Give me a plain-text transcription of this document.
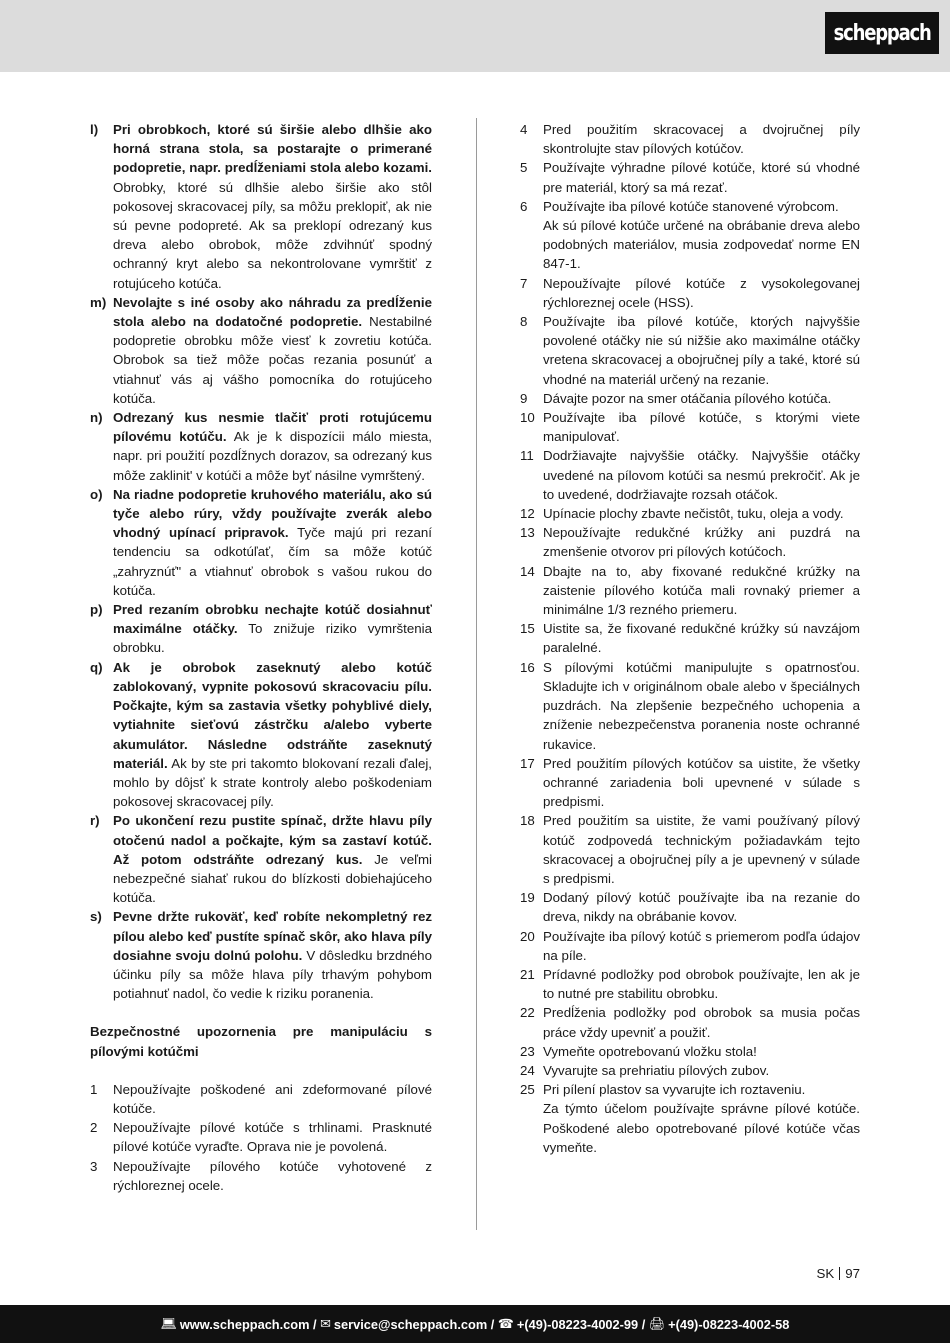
scheppach
l)	Pri obrobkoch, ktoré sú širšie alebo dlhšie ako horná strana stola, sa postarajte o primerané podopretie, napr. predĺženiami stola alebo kozami. Obrobky, ktoré sú dlhšie alebo širšie ako stôl pokosovej skracovacej píly, sa môžu preklopiť, ak nie sú pevne podopreté. Ak sa preklopí odrezaný kus dreva alebo obrobok, môže zdvihnúť spodný ochranný kryt alebo sa nekontrolovane vymrštiť z rotujúceho kotúča.
m) Nevolajte s iné osoby ako náhradu za predĺženie stola alebo na dodatočné podopretie. Nestabilné podopretie obrobku môže viesť k zovretiu kotúča. Obrobok sa tiež môže počas rezania posunúť a vtiahnuť vás aj vášho pomocníka do rotujúceho kotúča.
n) Odrezaný kus nesmie tlačiť proti rotujúcemu pílovému kotúču. Ak je k dispozícii málo miesta, napr. pri použití pozdĺžnych dorazov, sa odrezaný kus môže zaklinit' v kotúči a môže byť násilne vymrštený.
o) Na riadne podopretie kruhového materiálu, ako sú tyče alebo rúry, vždy používajte zverák alebo vhodný upínací pripravok. Tyče majú pri rezaní tendenciu sa odkotúľať, čím sa môže kotúč „zahryznúť" a vtiahnuť obrobok s vašou rukou do kotúča.
p) Pred rezaním obrobku nechajte kotúč dosiahnuť maximálne otáčky. To znižuje riziko vymrštenia obrobku.
q) Ak je obrobok zaseknutý alebo kotúč zablokovaný, vypnite pokosovú skracovaciu pílu. Počkajte, kým sa zastavia všetky pohyblivé diely, vytiahnite sieťovú zástrčku a/alebo vyberte akumulátor. Následne odstráňte zaseknutý materiál. Ak by ste pri takomto blokovaní rezali ďalej, mohlo by dôjsť k strate kontroly alebo poškodeniam pokosovej skracovacej píly.
r)	Po ukončení rezu pustite spínač, držte hlavu píly otočenú nadol a počkajte, kým sa zastaví kotúč. Až potom odstráňte odrezaný kus. Je veľmi nebezpečné siahať rukou do blízkosti dobiehajúceho kotúča.
s) Pevne držte rukoväť, keď robíte nekompletný rez pílou alebo keď pustíte spínač skôr, ako hlava píly dosiahne svoju dolnú polohu. V dôsledku brzdného účinku píly sa môže hlava píly trhavým pohybom potiahnuť nadol, čo vedie k riziku poranenia.
Bezpečnostné upozornenia pre manipuláciu s pílovými kotúčmi
1	Nepoužívajte poškodené ani zdeformované pílové kotúče.
2	Nepoužívajte pílové kotúče s trhlinami. Prasknuté pílové kotúče vyraďte. Oprava nie je povolená.
3	Nepoužívajte pílového kotúče vyhotovené z rýchloreznej ocele.
4	Pred použitím skracovacej a dvojručnej píly skontrolujte stav pílových kotúčov.
5	Používajte výhradne pílové kotúče, ktoré sú vhodné pre materiál, ktorý sa má rezať.
6	Používajte iba pílové kotúče stanovené výrobcom.
Ak sú pílové kotúče určené na obrábanie dreva alebo podobných materiálov, musia zodpovedať norme EN 847-1.
7	Nepoužívajte pílové kotúče z vysokolegovanej rýchloreznej ocele (HSS).
8	Používajte iba pílové kotúče, ktorých najvyššie povolené otáčky nie sú nižšie ako maximálne otáčky vretena skracovacej a obojručnej píly a také, ktoré sú vhodné na materiál určený na rezanie.
9	Dávajte pozor na smer otáčania pílového kotúča.
10 Používajte iba pílové kotúče, s ktorými viete manipulovať.
11 Dodržiavajte najvyššie otáčky. Najvyššie otáčky uvedené na pílovom kotúči sa nesmú prekročiť. Ak je to uvedené, dodržiavajte rozsah otáčok.
12 Upínacie plochy zbavte nečistôt, tuku, oleja a vody.
13 Nepoužívajte redukčné krúžky ani puzdrá na zmenšenie otvorov pri pílových kotúčoch.
14 Dbajte na to, aby fixované redukčné krúžky na zaistenie pílového kotúča mali rovnaký priemer a minimálne 1/3 rezného priemeru.
15 Uistite sa, že fixované redukčné krúžky sú navzájom paralelné.
16 S pílovými kotúčmi manipulujte s opatrnosťou. Skladujte ich v originálnom obale alebo v špeciálnych puzdrách. Na zlepšenie bezpečného uchopenia a zníženie nebezpečenstva poranenia noste ochranné rukavice.
17 Pred použitím pílových kotúčov sa uistite, že všetky ochranné zariadenia boli upevnené v súlade s predpismi.
18 Pred použitím sa uistite, že vami používaný pílový kotúč zodpovedá technickým požiadavkám tejto skracovacej a obojručnej píly a je upevnený v súlade s predpismi.
19 Dodaný pílový kotúč používajte iba na rezanie do dreva, nikdy na obrábanie kovov.
20 Používajte iba pílový kotúč s priemerom podľa údajov na píle.
21 Prídavné podložky pod obrobok používajte, len ak je to nutné pre stabilitu obrobku.
22 Predĺženia podložky pod obrobok sa musia počas práce vždy upevniť a použiť.
23 Vymeňte opotrebovanú vložku stola!
24 Vyvarujte sa prehriatiu pílových zubov.
25 Pri pílení plastov sa vyvarujte ich roztaveniu.
Za týmto účelom používajte správne pílové kotúče. Poškodené alebo opotrebované pílové kotúče včas vymeňte.
SK 97
💻︎ www.scheppach.com / ✉︎ service@scheppach.com / ☎︎ +(49)-08223-4002-99 / 🖨︎ +(49)-08223-4002-58
